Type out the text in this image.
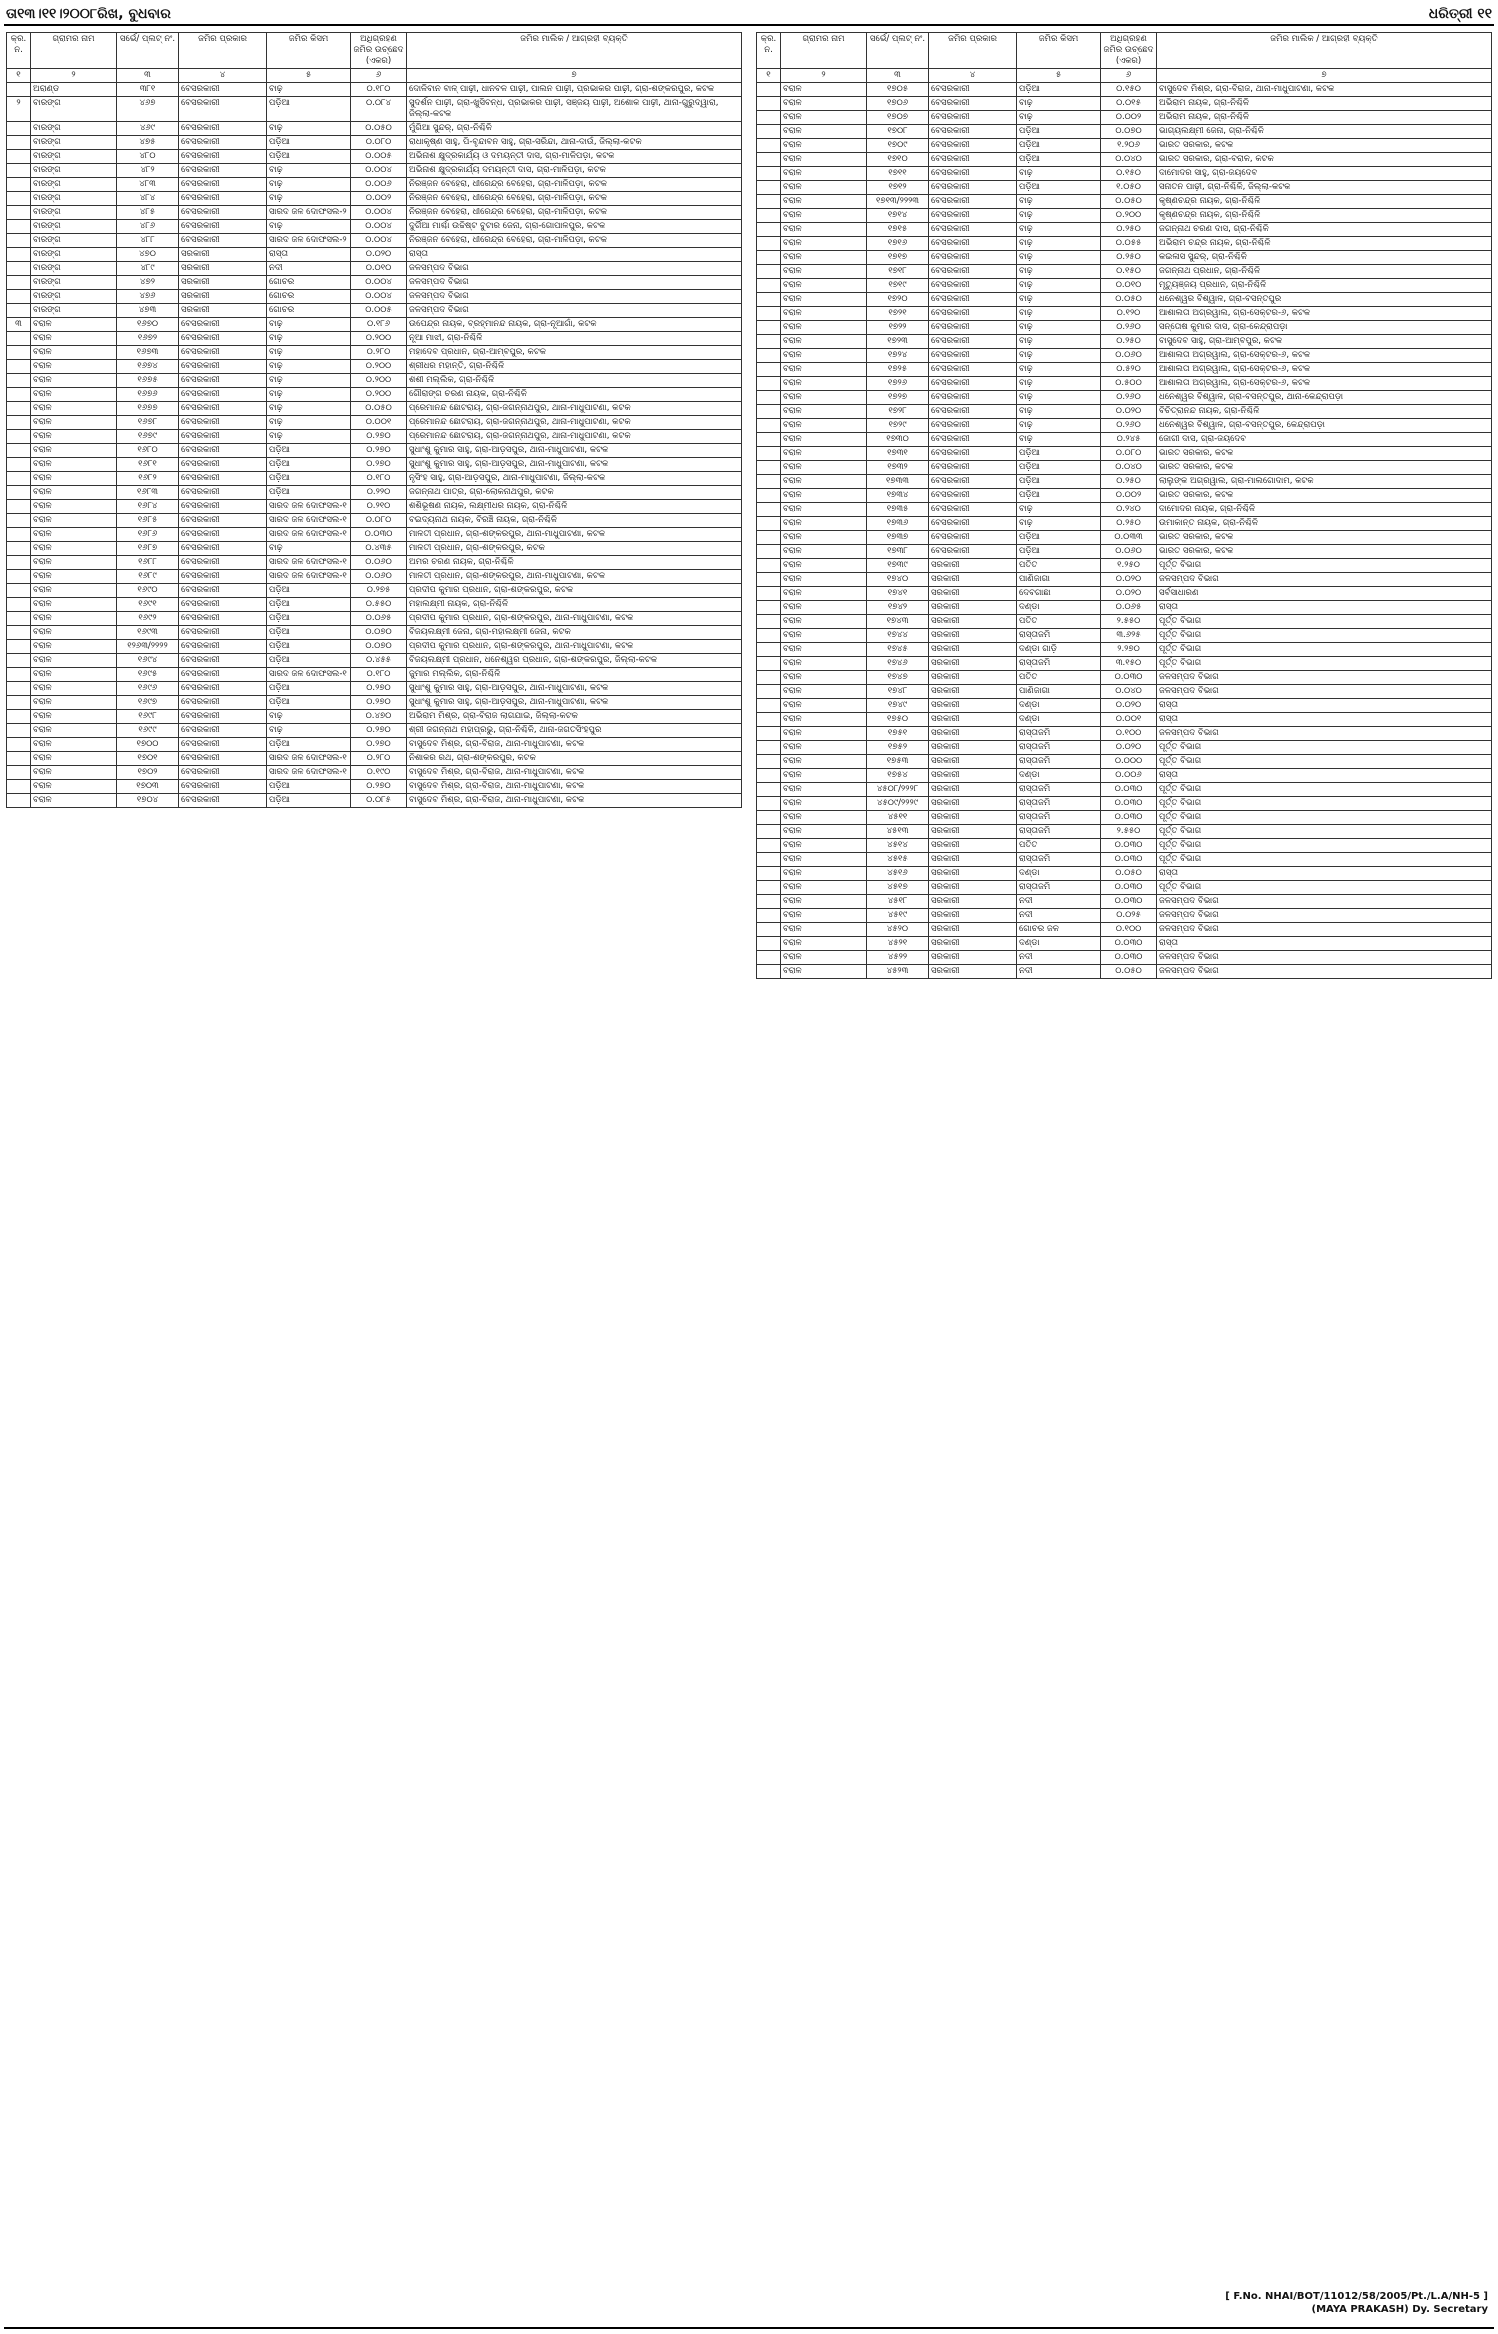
ତା୧୩।୧୧।୨୦୦୮ରିଖ, ବୁଧବାର	ଧରିତ୍ରୀ ୧୧
କ୍ର. ନ.	ଗ୍ରାମର ନାମ	ସର୍ଭେ/ ପ୍ଲଟ୍ ନଂ.	ଜମିର ପ୍ରକାର	ଜମିର କିସମ	ଅଧିଗ୍ରହଣ ଜମିର ଉଚ୍ଛେଦ (ଏକର)	ଜମିର ମାଲିକ / ଆଗ୍ରହୀ ବ୍ୟକ୍ତି
୧	୨	୩	୪	୫	୬	୭
	ଅରାଣ୍ଡ	୩୮୧	ବେସରକାରୀ	ବାଢ଼	୦.୧୮୦	ଦୋଳିବାନ ବାଳ୍ ପାଢ଼ୀ, ଧାନବଳ ପାଢ଼ୀ, ପାଲନ ପାଢ଼ୀ, ପ୍ରଭାକର ପାଢ଼ୀ, ଗ୍ରା-ଶଙ୍କରପୁର, କଟକ
୨	ବାରଙ୍ଗ	୪୬୭	ବେସରକାରୀ	ପଡ଼ିଆ	୦.୦୮୪	ସୁଦର୍ଶନ ପାଢ଼ୀ, ଗ୍ରା-ଖୁସିବନ୍ଧ, ପ୍ରଭାକର ପାଢ଼ୀ, ସଞ୍ଜୟ ପାଢ଼ୀ, ଅଶୋକ ପାଢ଼ୀ, ଥାନା-ଗୁରୁଦ୍ୱାରା, ଜିଲ୍ଲା-କଟକ
	ବାରଙ୍ଗ	୪୬୯	ବେସରକାରୀ	ବାଢ଼	୦.୦୫୦	ମୁଁଗିଆ ସୁନ୍ଦର୍, ଗ୍ରା-ନିଶ୍ଚିଳି
	ବାରଙ୍ଗ	୪୭୫	ବେସରକାରୀ	ପଡ଼ିଆ	୦.୦୮୦	ରାଧାକୃଷ୍ଣ ସାହୁ, ପି-ବୃନ୍ଦାବନ ସାହୁ, ଗ୍ରା-ସରିନ୍ଦା, ଥାନା-ଦାଉଁ, ଜିଲ୍ଲା-କଟକ
	ବାରଙ୍ଗ	୪୮୦	ବେସରକାରୀ	ପଡ଼ିଆ	୦.୦୦୫	ଅଭିନାଶ କ୍ଷୁଦ୍ରକାର୍ଯ୍ୟ ଓ ଦମୟନ୍ତୀ ଦାସ, ଗ୍ରା-ମାଳିପଡ଼ା, କଟକ
	ବାରଙ୍ଗ	୪୮୨	ବେସରକାରୀ	ବାଢ଼	୦.୦୦୪	ଅଭିନାଶ କ୍ଷୁଦ୍ରକାର୍ଯ୍ୟ ଦମୟନ୍ତୀ ଦାସ, ଗ୍ରା-ମାଳିପଡ଼ା, କଟକ
	ବାରଙ୍ଗ	୪୮୩	ବେସରକାରୀ	ବାଢ଼	୦.୦୦୬	ନିରଞ୍ଜନ ବେହେରା, ଧୀରେନ୍ଦ୍ର ବେହେରା, ଗ୍ରା-ମାଳିପଡ଼ା, କଟକ
	ବାରଙ୍ଗ	୪୮୪	ବେସରକାରୀ	ବାଢ଼	୦.୦୦୨	ନିରଞ୍ଜନ ବେହେରା, ଧୀରେନ୍ଦ୍ର ବେହେରା, ଗ୍ରା-ମାଳିପଡ଼ା, କଟକ
	ବାରଙ୍ଗ	୪୮୫	ବେସରକାରୀ	ସାରଦ ଜଳ ଦୋଫସଲ-୨	୦.୦୦୪	ନିରଞ୍ଜନ ବେହେରା, ଧୀରେନ୍ଦ୍ର ବେହେରା, ଗ୍ରା-ମାଳିପଡ଼ା, କଟକ
	ବାରଙ୍ଗ	୪୮୬	ବେସରକାରୀ	ବାଢ଼	୦.୦୦୪	ଦୁର୍ଗିଆ ମାର୍ଶ୍ଚା ଉଚ୍ଚିଷ୍ଟ ବୁଟାର ଜେନା, ଗ୍ରା-ଗୋପାଳପୁର, କଟକ
	ବାରଙ୍ଗ	୪୮୮	ବେସରକାରୀ	ସାରଦ ଜଳ ଦୋଫସଲ-୨	୦.୦୦୪	ନିରଞ୍ଜନ ବେହେରା, ଧୀରେନ୍ଦ୍ର ବେହେରା, ଗ୍ରା-ମାଳିପଡ଼ା, କଟକ
	ବାରଙ୍ଗ	୪୭୦	ସରକାରୀ	ରାସ୍ତା	୦.୦୨୦	ରାସ୍ତା
	ବାରଙ୍ଗ	୪୮୯	ସରକାରୀ	ନଦୀ	୦.୦୧୦	ଜଳସମ୍ପଦ ବିଭାଗ
	ବାରଙ୍ଗ	୪୭୨	ସରକାରୀ	ଗୋଚର	୦.୦୦୪	ଜଳସମ୍ପଦ ବିଭାଗ
	ବାରଙ୍ଗ	୪୭୬	ସରକାରୀ	ଗୋଚର	୦.୦୦୪	ଜଳସମ୍ପଦ ବିଭାଗ
	ବାରଙ୍ଗ	୪୭୩	ସରକାରୀ	ଗୋଚର	୦.୦୦୫	ଜଳସମ୍ପଦ ବିଭାଗ
୩	ବରାଳ	୧୬୭୦	ବେସରକାରୀ	ବାଢ଼	୦.୧୮୬	ଉପେନ୍ଦ୍ର ନାୟକ, ବ୍ରହ୍ମାନନ୍ଦ ନାୟକ, ଗ୍ରା-ନୂଆଗାଁ, କଟକ
	ବରାଳ	୧୬୭୨	ବେସରକାରୀ	ବାଢ଼	୦.୨୦୦	ନୂଆ ମାଝୀ, ଗ୍ରା-ନିଶ୍ଚିଳି
	ବରାଳ	୧୬୭୩	ବେସରକାରୀ	ବାଢ଼	୦.୨୮୦	ମହାଦେବ ପ୍ରଧାନ, ଗ୍ରା-ଆମ୍ବପୁର, କଟକ
	ବରାଳ	୧୬୭୪	ବେସରକାରୀ	ବାଢ଼	୦.୨୦୦	ଶ୍ରୀଧର ମହାନ୍ତି, ଗ୍ରା-ନିଶ୍ଚିଳି
	ବରାଳ	୧୬୭୫	ବେସରକାରୀ	ବାଢ଼	୦.୨୦୦	ଶଶୀ ମଲ୍ଲିକ, ଗ୍ରା-ନିଶ୍ଚିଳି
	ବରାଳ	୧୬୭୬	ବେସରକାରୀ	ବାଢ଼	୦.୨୦୦	ଗୌରାଙ୍ଗ ଚରଣ ନାୟକ, ଗ୍ରା-ନିଶ୍ଚିଳି
	ବରାଳ	୧୬୭୭	ବେସରକାରୀ	ବାଢ଼	୦.୦୫୦	ପ୍ରେମାନନ୍ଦ ଛୋଟରାୟ, ଗ୍ରା-ଜଗନ୍ନାଥପୁର, ଥାନା-ମାଧୁପାଟଣା, କଟକ
	ବରାଳ	୧୬୭୮	ବେସରକାରୀ	ବାଢ଼	୦.୦୦୧	ପ୍ରେମାନନ୍ଦ ଛୋଟରାୟ, ଗ୍ରା-ଜଗନ୍ନାଥପୁର, ଥାନା-ମାଧୁପାଟଣା, କଟକ
	ବରାଳ	୧୬୭୯	ବେସରକାରୀ	ବାଢ଼	୦.୨୭୦	ପ୍ରେମାନନ୍ଦ ଛୋଟରାୟ, ଗ୍ରା-ଜଗନ୍ନାଥପୁର, ଥାନା-ମାଧୁପାଟଣା, କଟକ
	ବରାଳ	୧୬୮୦	ବେସରକାରୀ	ପଡ଼ିଆ	୦.୨୭୦	ସୁଧାଂଶୁ କୁମାର ସାହୁ, ଗ୍ରା-ଆଡ଼ସପୁର, ଥାନା-ମାଧୁପାଟଣା, କଟକ
	ବରାଳ	୧୬୮୧	ବେସରକାରୀ	ପଡ଼ିଆ	୦.୨୭୦	ସୁଧାଂଶୁ କୁମାର ସାହୁ, ଗ୍ରା-ଆଡ଼ସପୁର, ଥାନା-ମାଧୁପାଟଣା, କଟକ
	ବରାଳ	୧୬୮୨	ବେସରକାରୀ	ପଡ଼ିଆ	୦.୧୮୦	ନୃସିଂହ ସାହୁ, ଗ୍ରା-ଆଡ଼ସପୁର, ଥାନା-ମାଧୁପାଟଣା, ଜିଲ୍ଲା-କଟକ
	ବରାଳ	୧୬୮୩	ବେସରକାରୀ	ପଡ଼ିଆ	୦.୨୨୦	ଜଗନ୍ନାଥ ପାତ୍ର, ଗ୍ରା-ଲୋକନାଥପୁର, କଟକ
	ବରାଳ	୧୬୮୪	ବେସରକାରୀ	ସାରଦ ଜଳ ଦୋଫସଲ-୧	୦.୨୧୦	ଶଶିଭୂଷଣ ନାୟକ, ଲକ୍ଷ୍ମୀଧର ନାୟକ, ଗ୍ରା-ନିଶ୍ଚିଳି
	ବରାଳ	୧୬୮୫	ବେସରକାରୀ	ସାରଦ ଜଳ ଦୋଫସଲ-୧	୦.୦୮୦	ବଇଦ୍ୟନାଥ ନାୟକ, ବିରଞ୍ଚି ନାୟକ, ଗ୍ରା-ନିଶ୍ଚିଳି
	ବରାଳ	୧୬୮୬	ବେସରକାରୀ	ସାରଦ ଜଳ ଦୋଫସଲ-୧	୦.୦୩୦	ମାଳତୀ ପ୍ରଧାନ, ଗ୍ରା-ଶଙ୍କରପୁର, ଥାନା-ମାଧୁପାଟଣା, କଟକ
	ବରାଳ	୧୬୮୭	ବେସରକାରୀ	ବାଢ଼	୦.୪୩୫	ମାଳତୀ ପ୍ରଧାନ, ଗ୍ରା-ଶଙ୍କରପୁର, କଟକ
	ବରାଳ	୧୬୮୮	ବେସରକାରୀ	ସାରଦ ଜଳ ଦୋଫସଲ-୧	୦.୦୬୦	ଅମର ଚରଣ ନାୟକ, ଗ୍ରା-ନିଶ୍ଚିଳି
	ବରାଳ	୧୬୮୯	ବେସରକାରୀ	ସାରଦ ଜଳ ଦୋଫସଲ-୧	୦.୦୬୦	ମାଳତୀ ପ୍ରଧାନ, ଗ୍ରା-ଶଙ୍କରପୁର, ଥାନା-ମାଧୁପାଟଣା, କଟକ
	ବରାଳ	୧୬୯୦	ବେସରକାରୀ	ପଡ଼ିଆ	୦.୨୭୫	ପ୍ରଦୀପ କୁମାର ପ୍ରଧାନ, ଗ୍ରା-ଶଙ୍କରପୁର, କଟକ
	ବରାଳ	୧୬୯୧	ବେସରକାରୀ	ପଡ଼ିଆ	୦.୫୫୦	ମହାଲକ୍ଷ୍ମୀ ନାୟକ, ଗ୍ରା-ନିଶ୍ଚିଳି
	ବରାଳ	୧୬୯୨	ବେସରକାରୀ	ପଡ଼ିଆ	୦.୦୬୫	ପ୍ରଦୀପ କୁମାର ପ୍ରଧାନ, ଗ୍ରା-ଶଙ୍କରପୁର, ଥାନା-ମାଧୁପାଟଣା, କଟକ
	ବରାଳ	୧୬୯୩	ବେସରକାରୀ	ପଡ଼ିଆ	୦.୦୭୦	ବିଜୟଲକ୍ଷ୍ମୀ ଜେନା, ଗ୍ରା-ମହାଲକ୍ଷ୍ମୀ ଜେନା, କଟକ
	ବରାଳ	୧୨୬୩/୨୨୨୨	ବେସରକାରୀ	ପଡ଼ିଆ	୦.୦୭୦	ପ୍ରଦୀପ କୁମାର ପ୍ରଧାନ, ଗ୍ରା-ଶଙ୍କରପୁର, ଥାନା-ମାଧୁପାଟଣା, କଟକ
	ବରାଳ	୧୬୯୪	ବେସରକାରୀ	ପଡ଼ିଆ	୦.୪୫୫	ବିଜୟଲକ୍ଷ୍ମୀ ପ୍ରଧାନ, ଧନେଶ୍ୱର ପ୍ରଧାନ, ଗ୍ରା-ଶଙ୍କରପୁର, ଜିଲ୍ଲା-କଟକ
	ବରାଳ	୧୬୯୫	ବେସରକାରୀ	ସାରଦ ଜଳ ଦୋଫସଲ-୧	୦.୧୮୦	ଜୁମାର ମଲ୍ଲିକ, ଗ୍ରା-ନିଶ୍ଚିଳି
	ବରାଳ	୧୬୯୬	ବେସରକାରୀ	ପଡ଼ିଆ	୦.୨୭୦	ସୁଧାଂଶୁ କୁମାର ସାହୁ, ଗ୍ରା-ଆଡ଼ସପୁର, ଥାନା-ମାଧୁପାଟଣା, କଟକ
	ବରାଳ	୧୬୯୭	ବେସରକାରୀ	ପଡ଼ିଆ	୦.୨୭୦	ସୁଧାଂଶୁ କୁମାର ସାହୁ, ଗ୍ରା-ଆଡ଼ସପୁର, ଥାନା-ମାଧୁପାଟଣା, କଟକ
	ବରାଳ	୧୬୯୮	ବେସରକାରୀ	ବାଢ଼	୦.୪୭୦	ଅଭିରାମ ମିଶ୍ର, ଗ୍ରା-ବିରାଜ ଲାଗଯାଇ, ଜିଲ୍ଲା-କଟକ
	ବରାଳ	୧୬୯୯	ବେସରକାରୀ	ବାଢ଼	୦.୨୭୦	ଶ୍ରୀ ଜଗନ୍ନାଥ ମହାପ୍ରଭୁ, ଗ୍ରା-ନିଶ୍ଚିଳି, ଥାନା-ଜଗତସିଂହପୁର
	ବରାଳ	୧୭୦୦	ବେସରକାରୀ	ପଡ଼ିଆ	୦.୨୭୦	ବାସୁଦେବ ମିଶ୍ର, ଗ୍ରା-ବିରାଜ, ଥାନା-ମାଧୁପାଟଣା, କଟକ
	ବରାଳ	୧୭୦୧	ବେସରକାରୀ	ସାରଦ ଜଳ ଦୋଫସଲ-୧	୦.୨୮୦	ନିଶାକର ରଥ, ଗ୍ରା-ଶଙ୍କରପୁର, କଟକ
	ବରାଳ	୧୭୦୨	ବେସରକାରୀ	ସାରଦ ଜଳ ଦୋଫସଲ-୧	୦.୧୯୦	ବାସୁଦେବ ମିଶ୍ର, ଗ୍ରା-ବିରାଜ, ଥାନା-ମାଧୁପାଟଣା, କଟକ
	ବରାଳ	୧୭୦୩	ବେସରକାରୀ	ପଡ଼ିଆ	୦.୨୭୦	ବାସୁଦେବ ମିଶ୍ର, ଗ୍ରା-ବିରାଜ, ଥାନା-ମାଧୁପାଟଣା, କଟକ
	ବରାଳ	୧୭୦୪	ବେସରକାରୀ	ପଡ଼ିଆ	୦.୦୮୫	ବାସୁଦେବ ମିଶ୍ର, ଗ୍ରା-ବିରାଜ, ଥାନା-ମାଧୁପାଟଣା, କଟକ
କ୍ର. ନ.	ଗ୍ରାମର ନାମ	ସର୍ଭେ/ ପ୍ଲଟ୍ ନଂ.	ଜମିର ପ୍ରକାର	ଜମିର କିସମ	ଅଧିଗ୍ରହଣ ଜମିର ଉଚ୍ଛେଦ (ଏକର)	ଜମିର ମାଲିକ / ଆଗ୍ରହୀ ବ୍ୟକ୍ତି
୧	୨	୩	୪	୫	୬	୭
	ବରାଳ	୧୭୦୫	ବେସରକାରୀ	ପଡ଼ିଆ	୦.୧୫୦	ବାସୁଦେବ ମିଶ୍ର, ଗ୍ରା-ବିରାଜ, ଥାନା-ମାଧୁପାଟଣା, କଟକ
	ବରାଳ	୧୭୦୬	ବେସରକାରୀ	ବାଢ଼	୦.୦୧୫	ଅଭିରାମ ନାୟକ, ଗ୍ରା-ନିଶ୍ଚିଳି
	ବରାଳ	୧୭୦୭	ବେସରକାରୀ	ବାଢ଼	୦.୦୦୨	ଅଭିରାମ ନାୟକ, ଗ୍ରା-ନିଶ୍ଚିଳି
	ବରାଳ	୧୭୦୮	ବେସରକାରୀ	ପଡ଼ିଆ	୦.୦୭୦	ଭାଗ୍ୟଲକ୍ଷ୍ମୀ ଜେନା, ଗ୍ରା-ନିଶ୍ଚିଳି
	ବରାଳ	୧୭୦୯	ବେସରକାରୀ	ପଡ଼ିଆ	୧.୨୦୬	ଭାରତ ସରକାର, କଟକ
	ବରାଳ	୧୭୧୦	ବେସରକାରୀ	ପଡ଼ିଆ	୦.୦୪୦	ଭାରତ ସରକାର, ଗ୍ରା-ବରାଳ, କଟକ
	ବରାଳ	୧୭୧୧	ବେସରକାରୀ	ବାଢ଼	୦.୧୫୦	ଦାମୋଦର ସାହୁ, ଗ୍ରା-ଜୟଦେବ
	ବରାଳ	୧୭୧୨	ବେସରକାରୀ	ପଡ଼ିଆ	୧.୦୫୦	ସନାତନ ପାଢ଼ୀ, ଗ୍ରା-ନିଶ୍ଚିଳି, ଜିଲ୍ଲା-କଟକ
	ବରାଳ	୧୭୧୩/୨୨୨୩	ବେସରକାରୀ	ବାଢ଼	୦.୦୫୦	କୃଷ୍ଣଚନ୍ଦ୍ର ନାୟକ, ଗ୍ରା-ନିଶ୍ଚିଳି
	ବରାଳ	୧୭୧୪	ବେସରକାରୀ	ବାଢ଼	୦.୨୦୦	କୃଷ୍ଣଚନ୍ଦ୍ର ନାୟକ, ଗ୍ରା-ନିଶ୍ଚିଳି
	ବରାଳ	୧୭୧୫	ବେସରକାରୀ	ବାଢ଼	୦.୨୫୦	ଜଗନ୍ନାଥ ଚରଣ ଦାସ, ଗ୍ରା-ନିଶ୍ଚିଳି
	ବରାଳ	୧୭୧୬	ବେସରକାରୀ	ବାଢ଼	୦.୦୫୫	ଅଭିରାମ ଚନ୍ଦ୍ର ନାୟକ, ଗ୍ରା-ନିଶ୍ଚିଳି
	ବରାଳ	୧୭୧୭	ବେସରକାରୀ	ବାଢ଼	୦.୨୫୦	କଇଳାସ ସୁନ୍ଦର୍, ଗ୍ରା-ନିଶ୍ଚିଳି
	ବରାଳ	୧୭୧୮	ବେସରକାରୀ	ବାଢ଼	୦.୧୫୦	ଜଗନ୍ନାଥ ପ୍ରଧାନ, ଗ୍ରା-ନିଶ୍ଚିଳି
	ବରାଳ	୧୭୧୯	ବେସରକାରୀ	ବାଢ଼	୦.୦୧୦	ମୃତ୍ୟୁଞ୍ଜୟ ପ୍ରଧାନ, ଗ୍ରା-ନିଶ୍ଚିଳି
	ବରାଳ	୧୭୨୦	ବେସରକାରୀ	ବାଢ଼	୦.୦୫୦	ଧନେଶ୍ୱର ବିଶ୍ୱାଳ, ଗ୍ରା-ବସନ୍ତପୁର
	ବରାଳ	୧୭୨୧	ବେସରକାରୀ	ବାଢ଼	୦.୧୨୦	ଆଶାଲତା ଅଗ୍ରୱାଲ, ଗ୍ରା-ସେକ୍ଟର-୬, କଟକ
	ବରାଳ	୧୭୨୨	ବେସରକାରୀ	ବାଢ଼	୦.୨୬୦	ସନ୍ତୋଷ କୁମାର ଦାସ, ଗ୍ରା-କେନ୍ଦ୍ରାପଡ଼ା
	ବରାଳ	୧୭୨୩	ବେସରକାରୀ	ବାଢ଼	୦.୨୫୦	ବାସୁଦେବ ସାହୁ, ଗ୍ରା-ଆମ୍ବପୁର, କଟକ
	ବରାଳ	୧୭୨୪	ବେସରକାରୀ	ବାଢ଼	୦.୦୬୦	ଆଶାଲତା ଅଗ୍ରୱାଲ, ଗ୍ରା-ସେକ୍ଟର-୬, କଟକ
	ବରାଳ	୧୭୨୫	ବେସରକାରୀ	ବାଢ଼	୦.୫୨୦	ଆଶାଲତା ଅଗ୍ରୱାଲ, ଗ୍ରା-ସେକ୍ଟର-୬, କଟକ
	ବରାଳ	୧୭୨୬	ବେସରକାରୀ	ବାଢ଼	୦.୫୦୦	ଆଶାଲତା ଅଗ୍ରୱାଲ, ଗ୍ରା-ସେକ୍ଟର-୬, କଟକ
	ବରାଳ	୧୭୨୭	ବେସରକାରୀ	ବାଢ଼	୦.୨୬୦	ଧନେଶ୍ୱର ବିଶ୍ୱାଳ, ଗ୍ରା-ବସନ୍ତପୁର, ଥାନା-କେନ୍ଦ୍ରାପଡ଼ା
	ବରାଳ	୧୭୨୮	ବେସରକାରୀ	ବାଢ଼	୦.୦୨୦	ବିଚିତ୍ରାନନ୍ଦ ନାୟକ, ଗ୍ରା-ନିଶ୍ଚିଳି
	ବରାଳ	୧୭୨୯	ବେସରକାରୀ	ବାଢ଼	୦.୨୬୦	ଧନେଶ୍ୱର ବିଶ୍ୱାଳ, ଗ୍ରା-ବସନ୍ତପୁର, କେନ୍ଦ୍ରାପଡ଼ା
	ବରାଳ	୧୭୩୦	ବେସରକାରୀ	ବାଢ଼	୦.୨୪୫	ଜୋଗୀ ଦାସ, ଗ୍ରା-ଜୟଦେବ
	ବରାଳ	୧୭୩୧	ବେସରକାରୀ	ପଡ଼ିଆ	୦.୦୮୦	ଭାରତ ସରକାର, କଟକ
	ବରାଳ	୧୭୩୨	ବେସରକାରୀ	ପଡ଼ିଆ	୦.୦୪୦	ଭାରତ ସରକାର, କଟକ
	ବରାଳ	୧୭୩୩	ବେସରକାରୀ	ପଡ଼ିଆ	୦.୨୫୦	ଲାଲୁଙ୍କ ଅଗ୍ରୱାଲ, ଗ୍ରା-ମାଲଗୋଦାମ, କଟକ
	ବରାଳ	୧୭୩୪	ବେସରକାରୀ	ପଡ଼ିଆ	୦.୦୦୨	ଭାରତ ସରକାର, କଟକ
	ବରାଳ	୧୭୩୫	ବେସରକାରୀ	ବାଢ଼	୦.୨୪୦	ଦାମୋଦର ନାୟକ, ଗ୍ରା-ନିଶ୍ଚିଳି
	ବରାଳ	୧୭୩୬	ବେସରକାରୀ	ବାଢ଼	୦.୨୫୦	ଉମାକାନ୍ତ ନାୟକ, ଗ୍ରା-ନିଶ୍ଚିଳି
	ବରାଳ	୧୭୩୭	ବେସରକାରୀ	ପଡ଼ିଆ	୦.୦୩୩	ଭାରତ ସରକାର, କଟକ
	ବରାଳ	୧୭୩୮	ବେସରକାରୀ	ପଡ଼ିଆ	୦.୦୬୦	ଭାରତ ସରକାର, କଟକ
	ବରାଳ	୧୭୩୯	ସରକାରୀ	ପତିତ	୧.୨୫୦	ପୂର୍ତ୍ତ ବିଭାଗ
	ବରାଳ	୧୭୪୦	ସରକାରୀ	ପାଣିଜାଗା	୦.୦୨୦	ଜଳସମ୍ପଦ ବିଭାଗ
	ବରାଳ	୧୭୪୧	ସରକାରୀ	ଦେବଗାଛା	୦.୦୨୦	ସର୍ବସାଧାରଣ
	ବରାଳ	୧୭୪୨	ସରକାରୀ	ଦଣ୍ଡା	୦.୦୬୫	ରାସ୍ତା
	ବରାଳ	୧୭୪୩	ସରକାରୀ	ପତିତ	୨.୫୫୦	ପୂର୍ତ୍ତ ବିଭାଗ
	ବରାଳ	୧୭୪୪	ସରକାରୀ	ରାସ୍ତାଜମି	୩.୬୨୫	ପୂର୍ତ୍ତ ବିଭାଗ
	ବରାଳ	୧୭୪୫	ସରକାରୀ	ଦଣ୍ଡା ଗାଡ଼ି	୨.୨୭୦	ପୂର୍ତ୍ତ ବିଭାଗ
	ବରାଳ	୧୭୪୬	ସରକାରୀ	ରାସ୍ତାଜମି	୩.୧୫୦	ପୂର୍ତ୍ତ ବିଭାଗ
	ବରାଳ	୧୭୪୭	ସରକାରୀ	ପତିତ	୦.୦୩୦	ଜଳସମ୍ପଦ ବିଭାଗ
	ବରାଳ	୧୭୪୮	ସରକାରୀ	ପାଣିଜାଗା	୦.୦୪୦	ଜଳସମ୍ପଦ ବିଭାଗ
	ବରାଳ	୧୭୪୯	ସରକାରୀ	ଦଣ୍ଡା	୦.୦୨୦	ରାସ୍ତା
	ବରାଳ	୧୭୫୦	ସରକାରୀ	ଦଣ୍ଡା	୦.୦୦୧	ରାସ୍ତା
	ବରାଳ	୧୭୫୧	ସରକାରୀ	ରାସ୍ତାଜମି	୦.୧୦୦	ଜଳସମ୍ପଦ ବିଭାଗ
	ବରାଳ	୧୭୫୨	ସରକାରୀ	ରାସ୍ତାଜମି	୦.୦୨୦	ପୂର୍ତ୍ତ ବିଭାଗ
	ବରାଳ	୧୭୫୩	ସରକାରୀ	ରାସ୍ତାଜମି	୦.୦୦୦	ପୂର୍ତ୍ତ ବିଭାଗ
	ବରାଳ	୧୭୫୪	ସରକାରୀ	ଦଣ୍ଡା	୦.୦୦୬	ରାସ୍ତା
	ବରାଳ	୪୫୦୮/୨୨୨୮	ସରକାରୀ	ରାସ୍ତାଜମି	୦.୦୩୦	ପୂର୍ତ୍ତ ବିଭାଗ
	ବରାଳ	୪୫୦୯/୨୨୨୯	ସରକାରୀ	ରାସ୍ତାଜମି	୦.୦୩୦	ପୂର୍ତ୍ତ ବିଭାଗ
	ବରାଳ	୪୫୧୧	ସରକାରୀ	ରାସ୍ତାଜମି	୦.୦୩୦	ପୂର୍ତ୍ତ ବିଭାଗ
	ବରାଳ	୪୫୧୩	ସରକାରୀ	ରାସ୍ତାଜମି	୨.୫୫୦	ପୂର୍ତ୍ତ ବିଭାଗ
	ବରାଳ	୪୫୧୪	ସରକାରୀ	ପତିତ	୦.୦୩୦	ପୂର୍ତ୍ତ ବିଭାଗ
	ବରାଳ	୪୫୧୫	ସରକାରୀ	ରାସ୍ତାଜମି	୦.୦୩୦	ପୂର୍ତ୍ତ ବିଭାଗ
	ବରାଳ	୪୫୧୬	ସରକାରୀ	ଦଣ୍ଡା	୦.୦୫୦	ରାସ୍ତା
	ବରାଳ	୪୫୧୭	ସରକାରୀ	ରାସ୍ତାଜମି	୦.୦୩୦	ପୂର୍ତ୍ତ ବିଭାଗ
	ବରାଳ	୪୫୧୮	ସରକାରୀ	ନଦୀ	୦.୦୩୦	ଜଳସମ୍ପଦ ବିଭାଗ
	ବରାଳ	୪୫୧୯	ସରକାରୀ	ନଦୀ	୦.୦୨୫	ଜଳସମ୍ପଦ ବିଭାଗ
	ବରାଳ	୪୫୨୦	ସରକାରୀ	ଗୋଚର ଜଳ	୦.୧୦୦	ଜଳସମ୍ପଦ ବିଭାଗ
	ବରାଳ	୪୫୨୧	ସରକାରୀ	ଦଣ୍ଡା	୦.୦୩୦	ରାସ୍ତା
	ବରାଳ	୪୫୨୨	ସରକାରୀ	ନଦୀ	୦.୦୩୦	ଜଳସମ୍ପଦ ବିଭାଗ
	ବରାଳ	୪୫୨୩	ସରକାରୀ	ନଦୀ	୦.୦୫୦	ଜଳସମ୍ପଦ ବିଭାଗ
[ F.No. NHAI/BOT/11012/58/2005/Pt./L.A/NH-5 ]
(MAYA PRAKASH) Dy. Secretary
